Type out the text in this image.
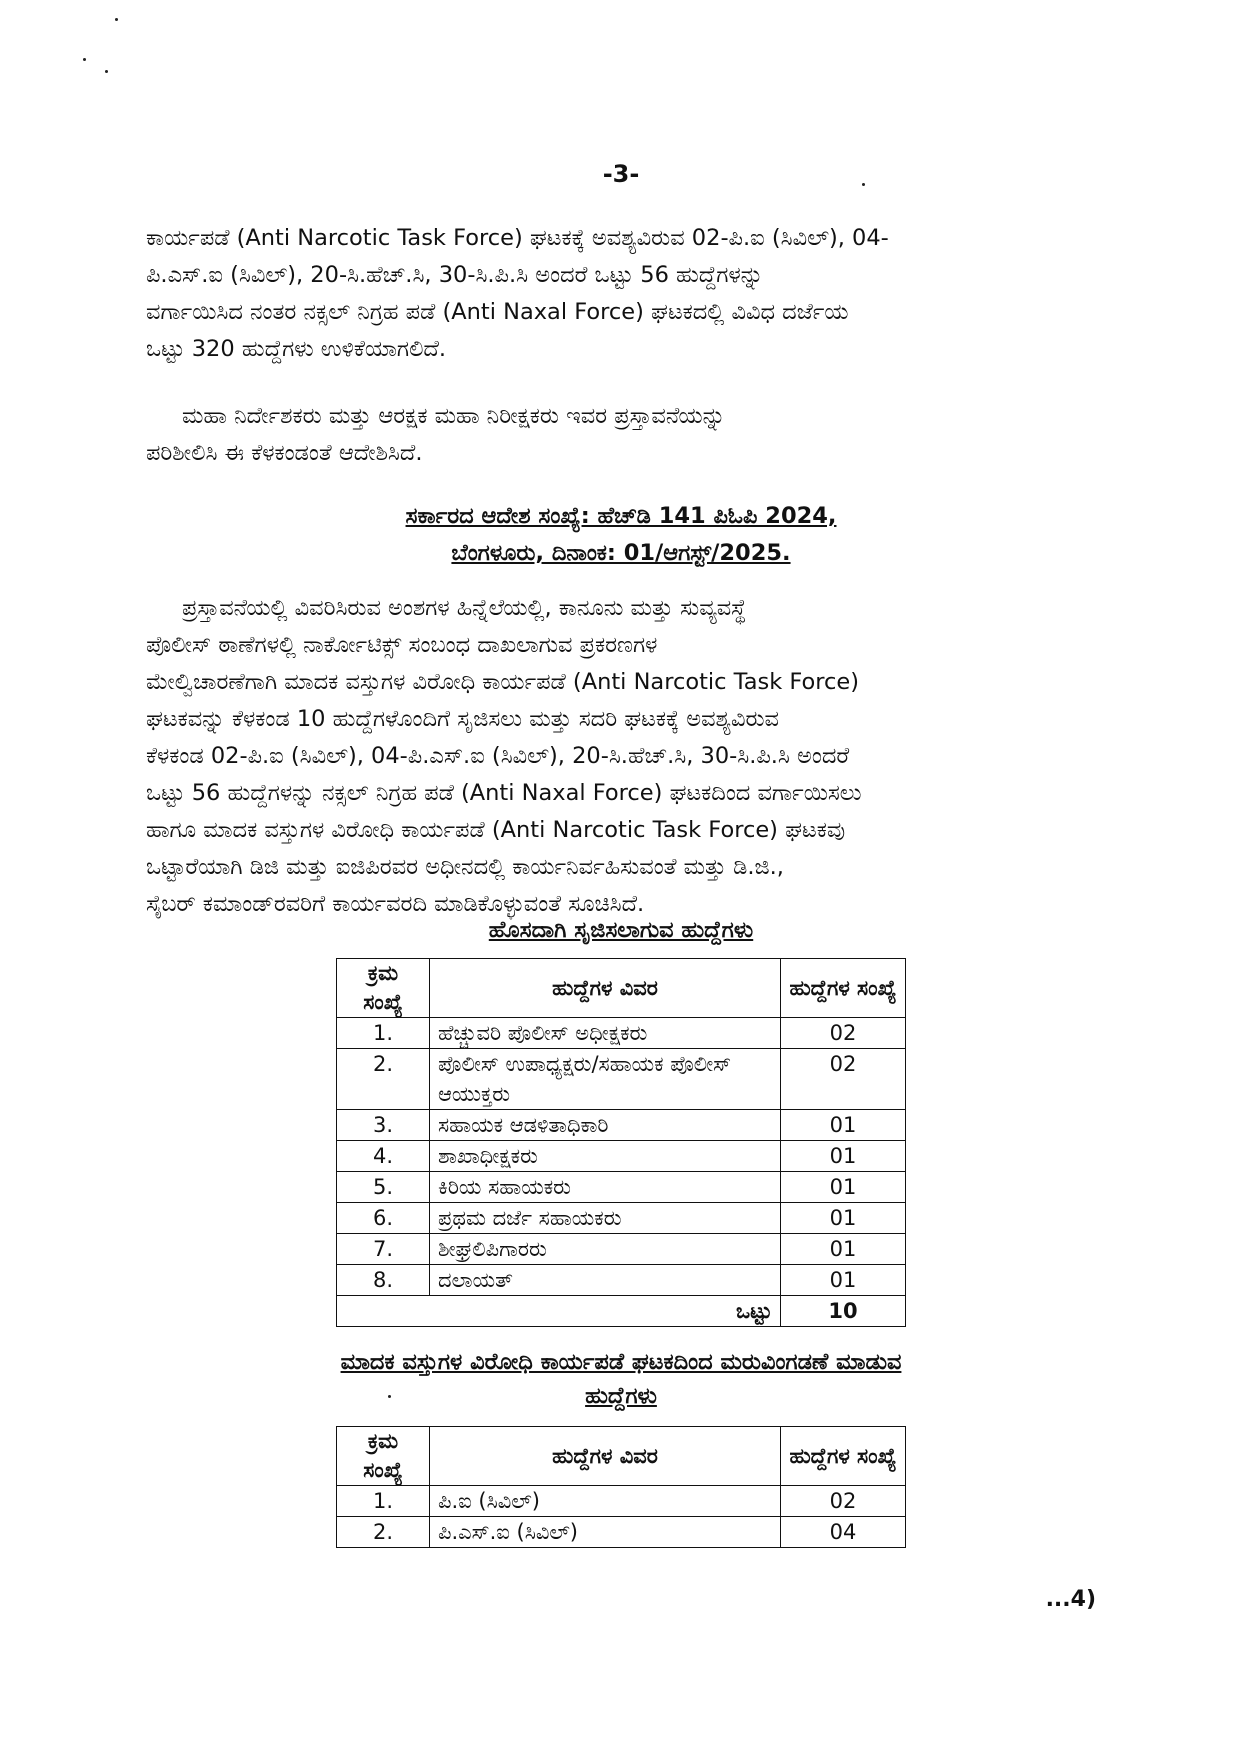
-3-

ಕಾರ್ಯಪಡೆ (Anti Narcotic Task Force) ಘಟಕಕ್ಕೆ ಅವಶ್ಯವಿರುವ 02-ಪಿ.ಐ (ಸಿವಿಲ್), 04-
ಪಿ.ಎಸ್.ಐ (ಸಿವಿಲ್), 20-ಸಿ.ಹೆಚ್.ಸಿ, 30-ಸಿ.ಪಿ.ಸಿ ಅಂದರೆ ಒಟ್ಟು 56 ಹುದ್ದೆಗಳನ್ನು
ವರ್ಗಾಯಿಸಿದ ನಂತರ ನಕ್ಸಲ್ ನಿಗ್ರಹ ಪಡೆ (Anti Naxal Force) ಘಟಕದಲ್ಲಿ ವಿವಿಧ ದರ್ಜೆಯ
ಒಟ್ಟು 320 ಹುದ್ದೆಗಳು ಉಳಿಕೆಯಾಗಲಿದೆ.

ಮಹಾ ನಿರ್ದೇಶಕರು ಮತ್ತು ಆರಕ್ಷಕ ಮಹಾ ನಿರೀಕ್ಷಕರು ಇವರ ಪ್ರಸ್ತಾವನೆಯನ್ನು
ಪರಿಶೀಲಿಸಿ ಈ ಕೆಳಕಂಡಂತೆ ಆದೇಶಿಸಿದೆ.

ಸರ್ಕಾರದ ಆದೇಶ ಸಂಖ್ಯೆ: ಹೆಚ್‌ಡಿ 141 ಪಿಓಪಿ 2024,
ಬೆಂಗಳೂರು, ದಿನಾಂಕ: 01/ಆಗಸ್ಟ್/2025.

ಪ್ರಸ್ತಾವನೆಯಲ್ಲಿ ವಿವರಿಸಿರುವ ಅಂಶಗಳ ಹಿನ್ನೆಲೆಯಲ್ಲಿ, ಕಾನೂನು ಮತ್ತು ಸುವ್ಯವಸ್ಥೆ
ಪೊಲೀಸ್ ಠಾಣೆಗಳಲ್ಲಿ ನಾರ್ಕೋಟಿಕ್ಸ್ ಸಂಬಂಧ ದಾಖಲಾಗುವ ಪ್ರಕರಣಗಳ
ಮೇಲ್ವಿಚಾರಣೆಗಾಗಿ ಮಾದಕ ವಸ್ತುಗಳ ವಿರೋಧಿ ಕಾರ್ಯಪಡೆ (Anti Narcotic Task Force)
ಘಟಕವನ್ನು ಕೆಳಕಂಡ 10 ಹುದ್ದೆಗಳೊಂದಿಗೆ ಸೃಜಿಸಲು ಮತ್ತು ಸದರಿ ಘಟಕಕ್ಕೆ ಅವಶ್ಯವಿರುವ
ಕೆಳಕಂಡ 02-ಪಿ.ಐ (ಸಿವಿಲ್), 04-ಪಿ.ಎಸ್.ಐ (ಸಿವಿಲ್), 20-ಸಿ.ಹೆಚ್.ಸಿ, 30-ಸಿ.ಪಿ.ಸಿ ಅಂದರೆ
ಒಟ್ಟು 56 ಹುದ್ದೆಗಳನ್ನು ನಕ್ಸಲ್ ನಿಗ್ರಹ ಪಡೆ (Anti Naxal Force) ಘಟಕದಿಂದ ವರ್ಗಾಯಿಸಲು
ಹಾಗೂ ಮಾದಕ ವಸ್ತುಗಳ ವಿರೋಧಿ ಕಾರ್ಯಪಡೆ (Anti Narcotic Task Force) ಘಟಕವು
ಒಟ್ಟಾರೆಯಾಗಿ ಡಿಜಿ ಮತ್ತು ಐಜಿಪಿರವರ ಅಧೀನದಲ್ಲಿ ಕಾರ್ಯನಿರ್ವಹಿಸುವಂತೆ ಮತ್ತು ಡಿ.ಜಿ.,
ಸೈಬರ್ ಕಮಾಂಡ್‌ರವರಿಗೆ ಕಾರ್ಯವರದಿ ಮಾಡಿಕೊಳ್ಳುವಂತೆ ಸೂಚಿಸಿದೆ.

ಹೊಸದಾಗಿ ಸೃಜಿಸಲಾಗುವ ಹುದ್ದೆಗಳು
ಕ್ರಮ ಸಂಖ್ಯೆ	ಹುದ್ದೆಗಳ ವಿವರ	ಹುದ್ದೆಗಳ ಸಂಖ್ಯೆ
1.	ಹೆಚ್ಚುವರಿ ಪೊಲೀಸ್ ಅಧೀಕ್ಷಕರು	02
2.	ಪೊಲೀಸ್ ಉಪಾಧ್ಯಕ್ಷರು/ಸಹಾಯಕ ಪೊಲೀಸ್ ಆಯುಕ್ತರು	02
3.	ಸಹಾಯಕ ಆಡಳಿತಾಧಿಕಾರಿ	01
4.	ಶಾಖಾಧೀಕ್ಷಕರು	01
5.	ಕಿರಿಯ ಸಹಾಯಕರು	01
6.	ಪ್ರಥಮ ದರ್ಜೆ ಸಹಾಯಕರು	01
7.	ಶೀಘ್ರಲಿಪಿಗಾರರು	01
8.	ದಲಾಯತ್	01
ಒಟ್ಟು		10
ಮಾದಕ ವಸ್ತುಗಳ ವಿರೋಧಿ ಕಾರ್ಯಪಡೆ ಘಟಕದಿಂದ ಮರುವಿಂಗಡಣೆ ಮಾಡುವ
ಹುದ್ದೆಗಳು
ಕ್ರಮ ಸಂಖ್ಯೆ	ಹುದ್ದೆಗಳ ವಿವರ	ಹುದ್ದೆಗಳ ಸಂಖ್ಯೆ
1.	ಪಿ.ಐ (ಸಿವಿಲ್)	02
2.	ಪಿ.ಎಸ್.ಐ (ಸಿವಿಲ್)	04
...4)
